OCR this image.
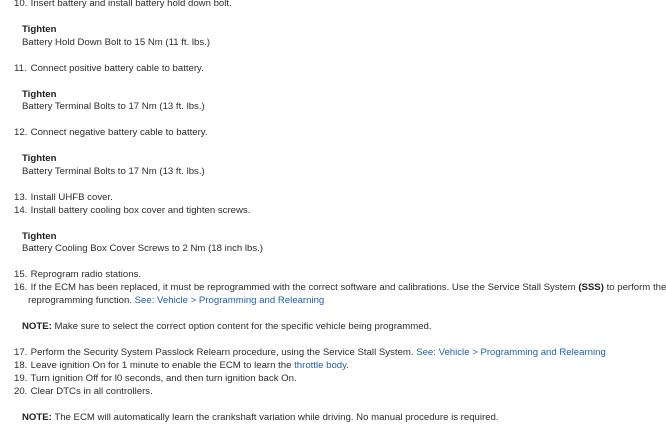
10. Insert battery and install battery hold down bolt.
Tighten
Battery Hold Down Bolt to 15 Nm (11 ft. lbs.)
11. Connect positive battery cable to battery.
Tighten
Battery Terminal Bolts to 17 Nm (13 ft. lbs.)
12. Connect negative battery cable to battery.
Tighten
Battery Terminal Bolts to 17 Nm (13 ft. lbs.)
13. Install UHFB cover.
14. Install battery cooling box cover and tighten screws.
Tighten
Battery Cooling Box Cover Screws to 2 Nm (18 inch lbs.)
15. Reprogram radio stations.
16. If the ECM has been replaced, it must be reprogrammed with the correct software and calibrations. Use the Service Stall System (SSS) to perform the
reprogramming function. See: Vehicle > Programming and Relearning
NOTE: Make sure to select the correct option content for the specific vehicle being programmed.
17. Perform the Security System Passlock Relearn procedure, using the Service Stall System. See: Vehicle > Programming and Relearning
18. Leave ignition On for 1 minute to enable the ECM to learn the throttle body.
19. Turn ignition Off for l0 seconds, and then turn ignition back On.
20. Clear DTCs in all controllers.
NOTE: The ECM will automatically learn the crankshaft variation while driving. No manual procedure is required.
